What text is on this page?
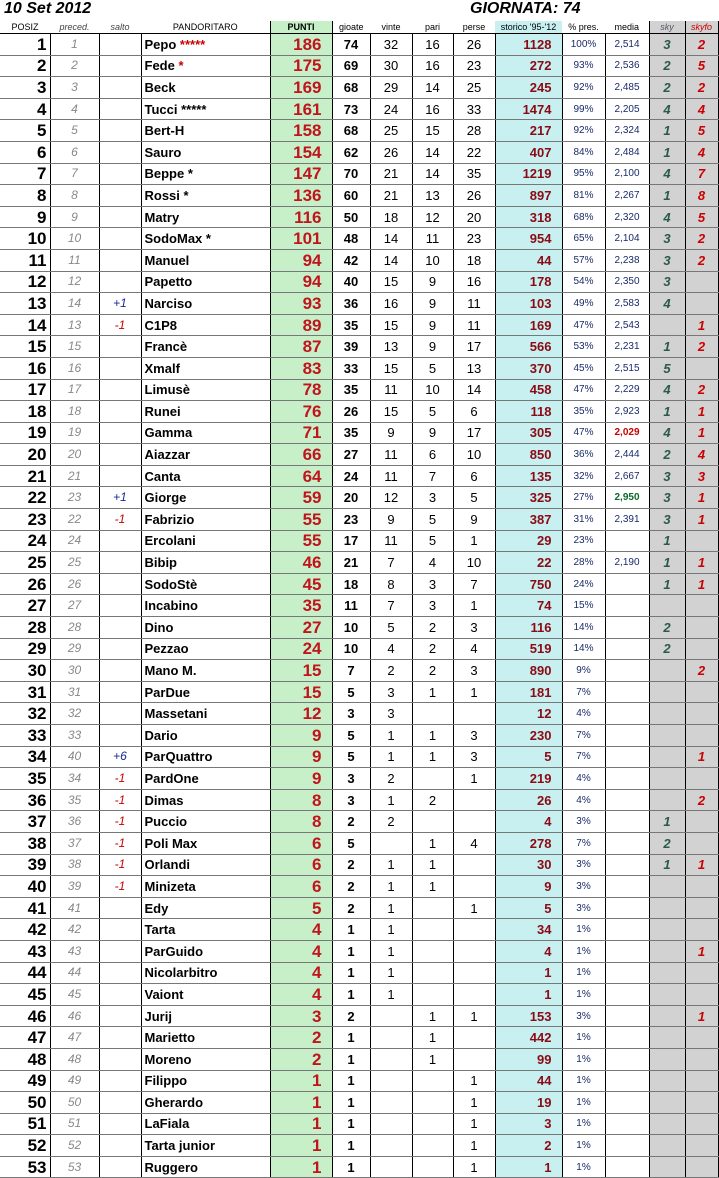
10 Set 2012	GIORNATA: 74
POSIZ	preced.	salto	PANDORITARO	PUNTI	gioate	vinte	pari	perse	storico '95-'12	% pres.	media	sky	skyfo
1	1		Pepo *****	186	74	32	16	26	1128	100%	2,514	3	2
2	2		Fede *	175	69	30	16	23	272	93%	2,536	2	5
3	3		Beck	169	68	29	14	25	245	92%	2,485	2	2
4	4		Tucci *****	161	73	24	16	33	1474	99%	2,205	4	4
5	5		Bert-H	158	68	25	15	28	217	92%	2,324	1	5
6	6		Sauro	154	62	26	14	22	407	84%	2,484	1	4
7	7		Beppe *	147	70	21	14	35	1219	95%	2,100	4	7
8	8		Rossi *	136	60	21	13	26	897	81%	2,267	1	8
9	9		Matry	116	50	18	12	20	318	68%	2,320	4	5
10	10		SodoMax *	101	48	14	11	23	954	65%	2,104	3	2
11	11		Manuel	94	42	14	10	18	44	57%	2,238	3	2
12	12		Papetto	94	40	15	9	16	178	54%	2,350	3	
13	14	+1	Narciso	93	36	16	9	11	103	49%	2,583	4	
14	13	-1	C1P8	89	35	15	9	11	169	47%	2,543		1
15	15		Francè	87	39	13	9	17	566	53%	2,231	1	2
16	16		Xmalf	83	33	15	5	13	370	45%	2,515	5	
17	17		Limusè	78	35	11	10	14	458	47%	2,229	4	2
18	18		Runei	76	26	15	5	6	118	35%	2,923	1	1
19	19		Gamma	71	35	9	9	17	305	47%	2,029	4	1
20	20		Aiazzar	66	27	11	6	10	850	36%	2,444	2	4
21	21		Canta	64	24	11	7	6	135	32%	2,667	3	3
22	23	+1	Giorge	59	20	12	3	5	325	27%	2,950	3	1
23	22	-1	Fabrizio	55	23	9	5	9	387	31%	2,391	3	1
24	24		Ercolani	55	17	11	5	1	29	23%		1	
25	25		Bibip	46	21	7	4	10	22	28%	2,190	1	1
26	26		SodoStè	45	18	8	3	7	750	24%		1	1
27	27		Incabino	35	11	7	3	1	74	15%			
28	28		Dino	27	10	5	2	3	116	14%		2	
29	29		Pezzao	24	10	4	2	4	519	14%		2	
30	30		Mano M.	15	7	2	2	3	890	9%			2
31	31		ParDue	15	5	3	1	1	181	7%			
32	32		Massetani	12	3	3			12	4%			
33	33		Dario	9	5	1	1	3	230	7%			
34	40	+6	ParQuattro	9	5	1	1	3	5	7%			1
35	34	-1	PardOne	9	3	2		1	219	4%			
36	35	-1	Dimas	8	3	1	2		26	4%			2
37	36	-1	Puccio	8	2	2			4	3%		1	
38	37	-1	Poli Max	6	5		1	4	278	7%		2	
39	38	-1	Orlandi	6	2	1	1		30	3%		1	1
40	39	-1	Minizeta	6	2	1	1		9	3%			
41	41		Edy	5	2	1		1	5	3%			
42	42		Tarta	4	1	1			34	1%			
43	43		ParGuido	4	1	1			4	1%			1
44	44		Nicolarbitro	4	1	1			1	1%			
45	45		Vaiont	4	1	1			1	1%			
46	46		Jurij	3	2		1	1	153	3%			1
47	47		Marietto	2	1		1		442	1%			
48	48		Moreno	2	1		1		99	1%			
49	49		Filippo	1	1			1	44	1%			
50	50		Gherardo	1	1			1	19	1%			
51	51		LaFiala	1	1			1	3	1%			
52	52		Tarta junior	1	1			1	2	1%			
53	53		Ruggero	1	1			1	1	1%			
